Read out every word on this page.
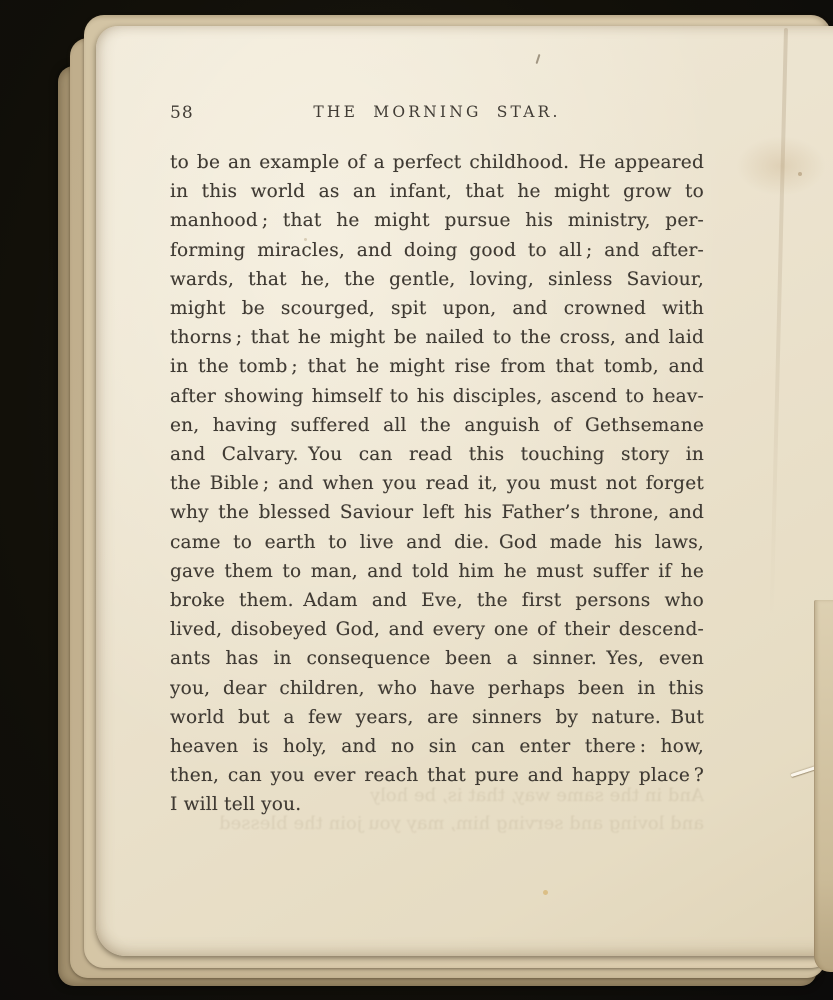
58	THE MORNING STAR.
to be an example of a perfect childhood. He appeared
in this world as an infant, that he might grow to
manhood ; that he might pursue his ministry, per-
forming miracles, and doing good to all ; and after-
wards, that he, the gentle, loving, sinless Saviour,
might be scourged, spit upon, and crowned with
thorns ; that he might be nailed to the cross, and laid
in the tomb ; that he might rise from that tomb, and
after showing himself to his disciples, ascend to heav-
en, having suffered all the anguish of Gethsemane
and Calvary. You can read this touching story in
the Bible ; and when you read it, you must not forget
why the blessed Saviour left his Father’s throne, and
came to earth to live and die. God made his laws,
gave them to man, and told him he must suffer if he
broke them. Adam and Eve, the first persons who
lived, disobeyed God, and every one of their descend-
ants has in consequence been a sinner. Yes, even
you, dear children, who have perhaps been in this
world but a few years, are sinners by nature. But
heaven is holy, and no sin can enter there : how,
then, can you ever reach that pure and happy place ?
I will tell you.	And in the same way, that is, be holy
and loving and serving him, may you join the blessed
